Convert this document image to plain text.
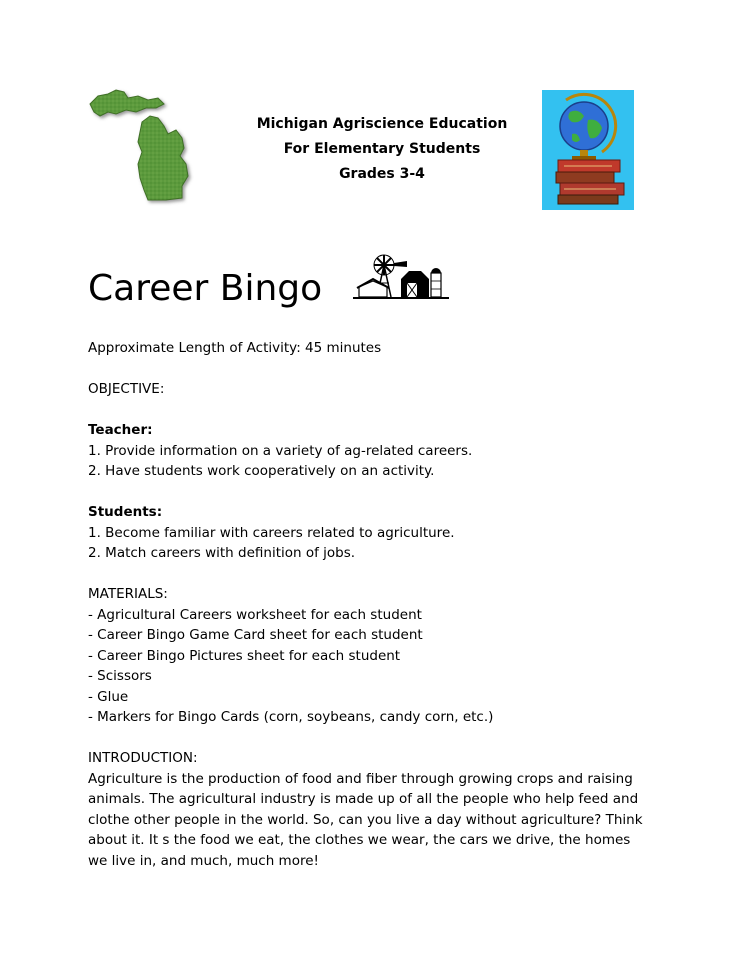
Michigan Agriscience Education
For Elementary Students
Grades 3-4
Career Bingo

Approximate Length of Activity: 45 minutes

OBJECTIVE:

Teacher:

1. Provide information on a variety of ag-related careers.

2. Have students work cooperatively on an activity.

Students:

1. Become familiar with careers related to agriculture.

2. Match careers with definition of jobs.

MATERIALS:

- Agricultural Careers worksheet for each student

- Career Bingo Game Card sheet for each student

- Career Bingo Pictures sheet for each student

- Scissors

- Glue

- Markers for Bingo Cards (corn, soybeans, candy corn, etc.)

INTRODUCTION:

Agriculture is the production of food and fiber through growing crops and raising animals. The agricultural industry is made up of all the people who help feed and clothe other people in the world. So, can you live a day without agriculture? Think about it. It s the food we eat, the clothes we wear, the cars we drive, the homes we live in, and much, much more!
